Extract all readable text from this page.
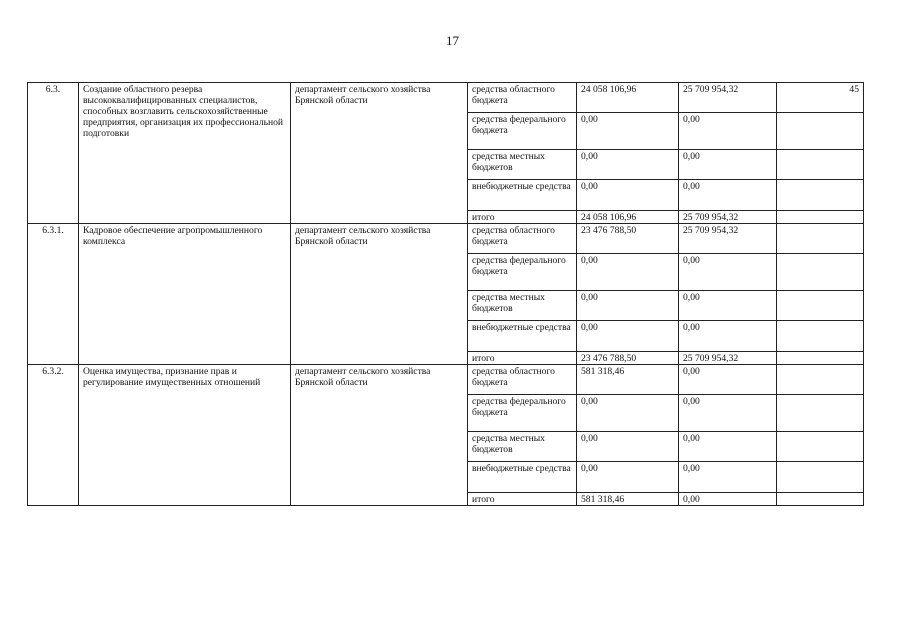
17
6.3.	Создание областного резерва высококвалифицированных специалистов, способных возглавить сельскохозяйственные предприятия, организация их профессиональной подготовки	департамент сельского хозяйства Брянской области	средства областного бюджета	24 058 106,96	25 709 954,32	45
			средства федерального бюджета	0,00	0,00	
			средства местных бюджетов	0,00	0,00	
			внебюджетные средства	0,00	0,00	
			итого	24 058 106,96	25 709 954,32	
6.3.1.	Кадровое обеспечение агропромышленного комплекса	департамент сельского хозяйства Брянской области	средства областного бюджета	23 476 788,50	25 709 954,32	
			средства федерального бюджета	0,00	0,00	
			средства местных бюджетов	0,00	0,00	
			внебюджетные средства	0,00	0,00	
			итого	23 476 788,50	25 709 954,32	
6.3.2.	Оценка имущества, признание прав и регулирование имущественных отношений	департамент сельского хозяйства Брянской области	средства областного бюджета	581 318,46	0,00	
			средства федерального бюджета	0,00	0,00	
			средства местных бюджетов	0,00	0,00	
			внебюджетные средства	0,00	0,00	
			итого	581 318,46	0,00	
